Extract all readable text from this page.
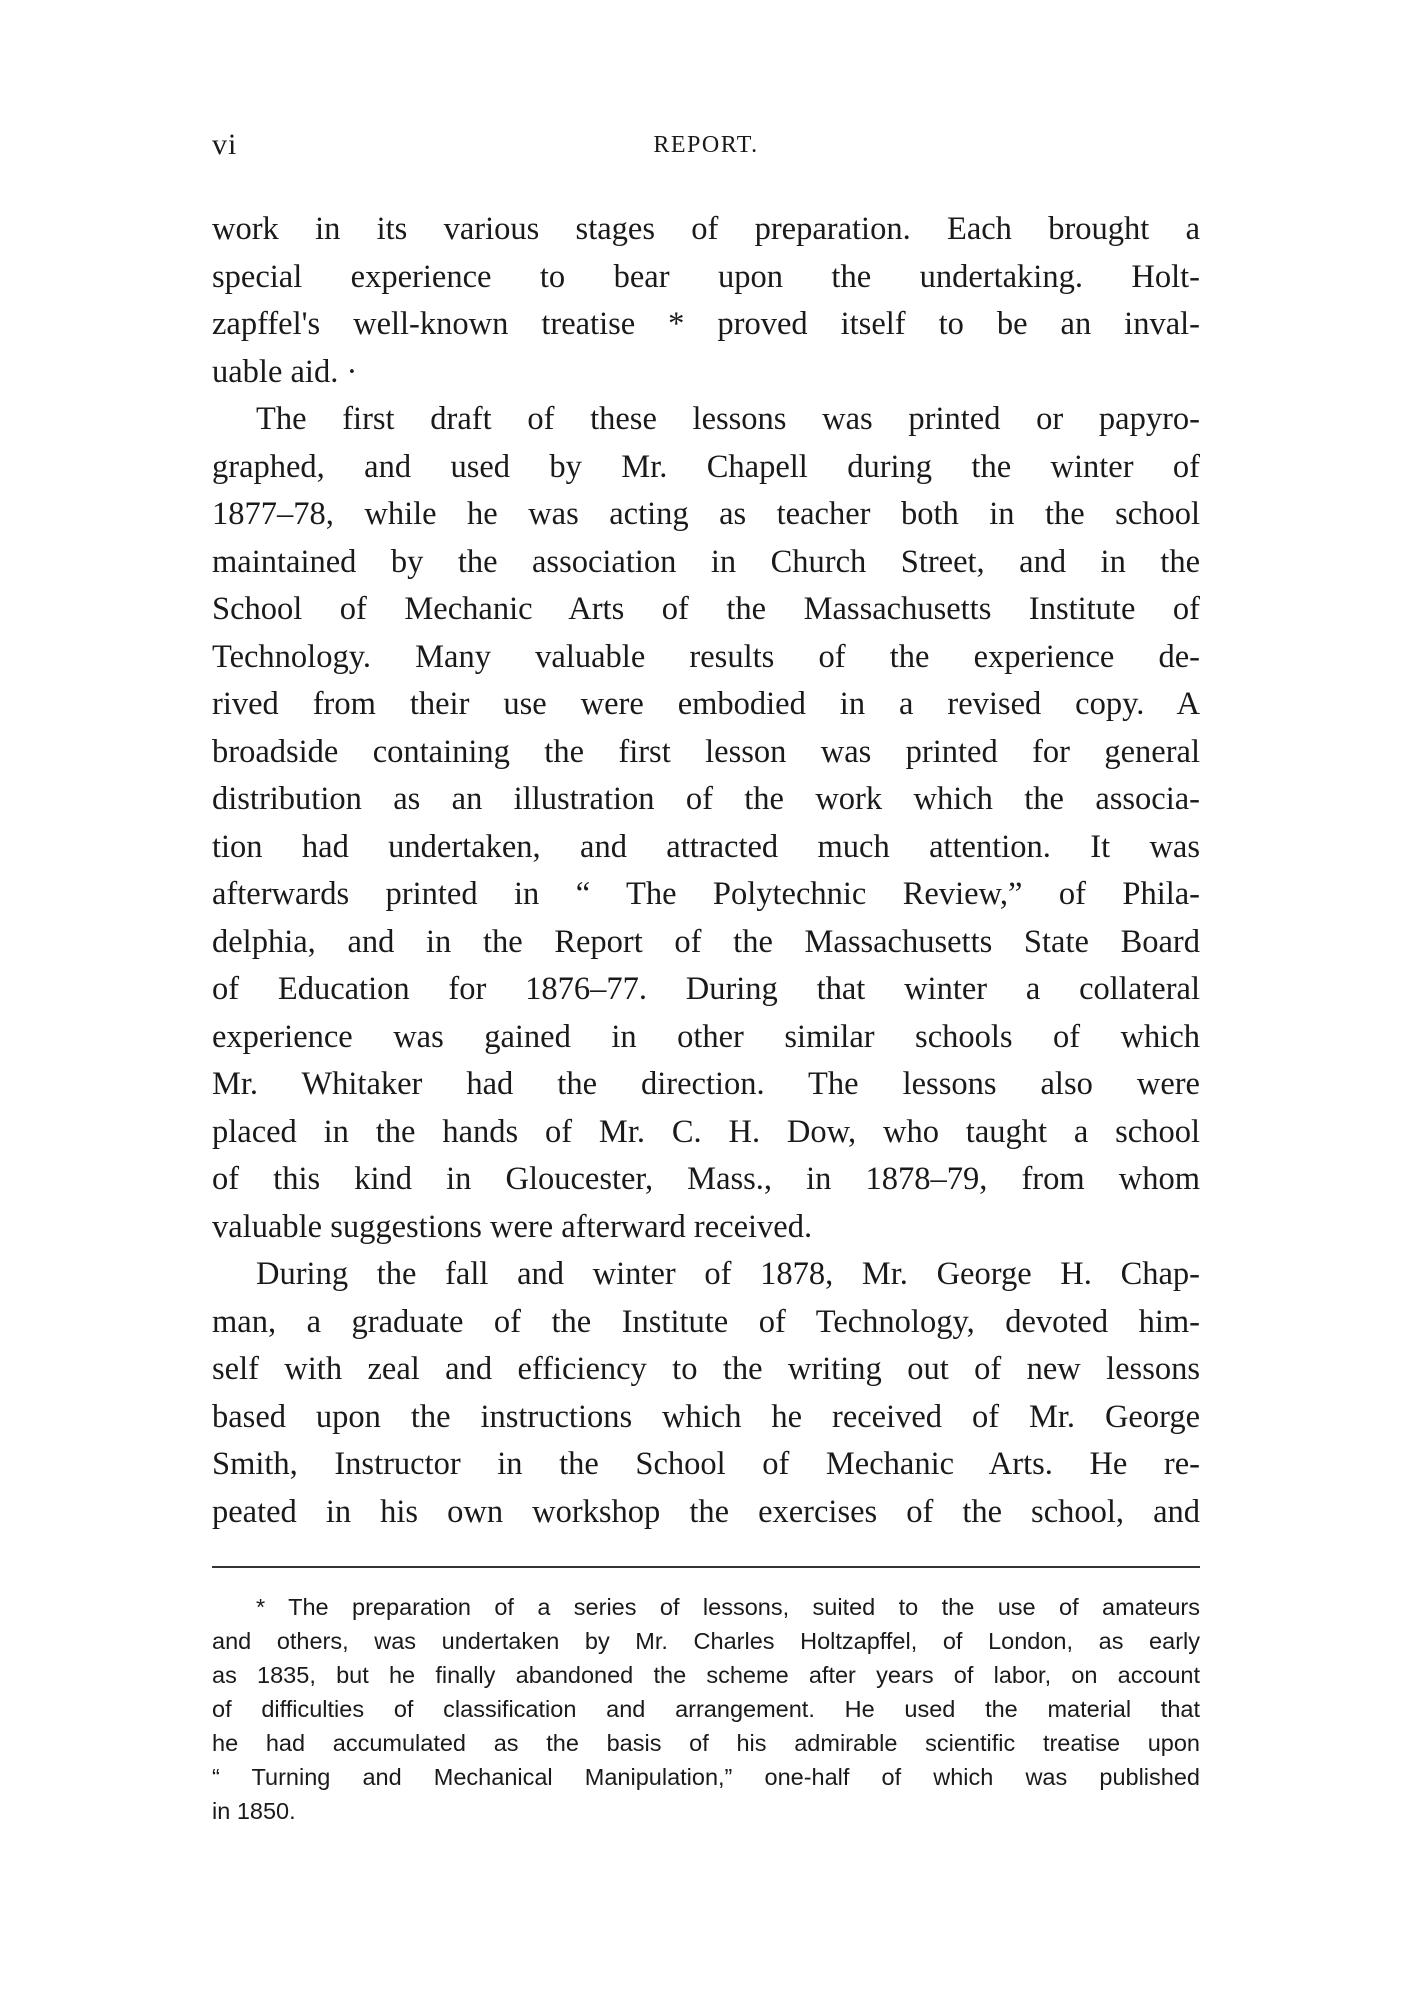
vi	REPORT.
work in its various stages of preparation. Each brought a
special experience to bear upon the undertaking. Holt-
zapffel's well-known treatise * proved itself to be an inval-
uable aid. ·
The first draft of these lessons was printed or papyro-
graphed, and used by Mr. Chapell during the winter of
1877–78, while he was acting as teacher both in the school
maintained by the association in Church Street, and in the
School of Mechanic Arts of the Massachusetts Institute of
Technology. Many valuable results of the experience de-
rived from their use were embodied in a revised copy. A
broadside containing the first lesson was printed for general
distribution as an illustration of the work which the associa-
tion had undertaken, and attracted much attention. It was
afterwards printed in “ The Polytechnic Review,” of Phila-
delphia, and in the Report of the Massachusetts State Board
of Education for 1876–77. During that winter a collateral
experience was gained in other similar schools of which
Mr. Whitaker had the direction. The lessons also were
placed in the hands of Mr. C. H. Dow, who taught a school
of this kind in Gloucester, Mass., in 1878–79, from whom
valuable suggestions were afterward received.
During the fall and winter of 1878, Mr. George H. Chap-
man, a graduate of the Institute of Technology, devoted him-
self with zeal and efficiency to the writing out of new lessons
based upon the instructions which he received of Mr. George
Smith, Instructor in the School of Mechanic Arts. He re-
peated in his own workshop the exercises of the school, and
* The preparation of a series of lessons, suited to the use of amateurs
and others, was undertaken by Mr. Charles Holtzapffel, of London, as early
as 1835, but he finally abandoned the scheme after years of labor, on account
of difficulties of classification and arrangement. He used the material that
he had accumulated as the basis of his admirable scientific treatise upon
“ Turning and Mechanical Manipulation,” one-half of which was published
in 1850.
